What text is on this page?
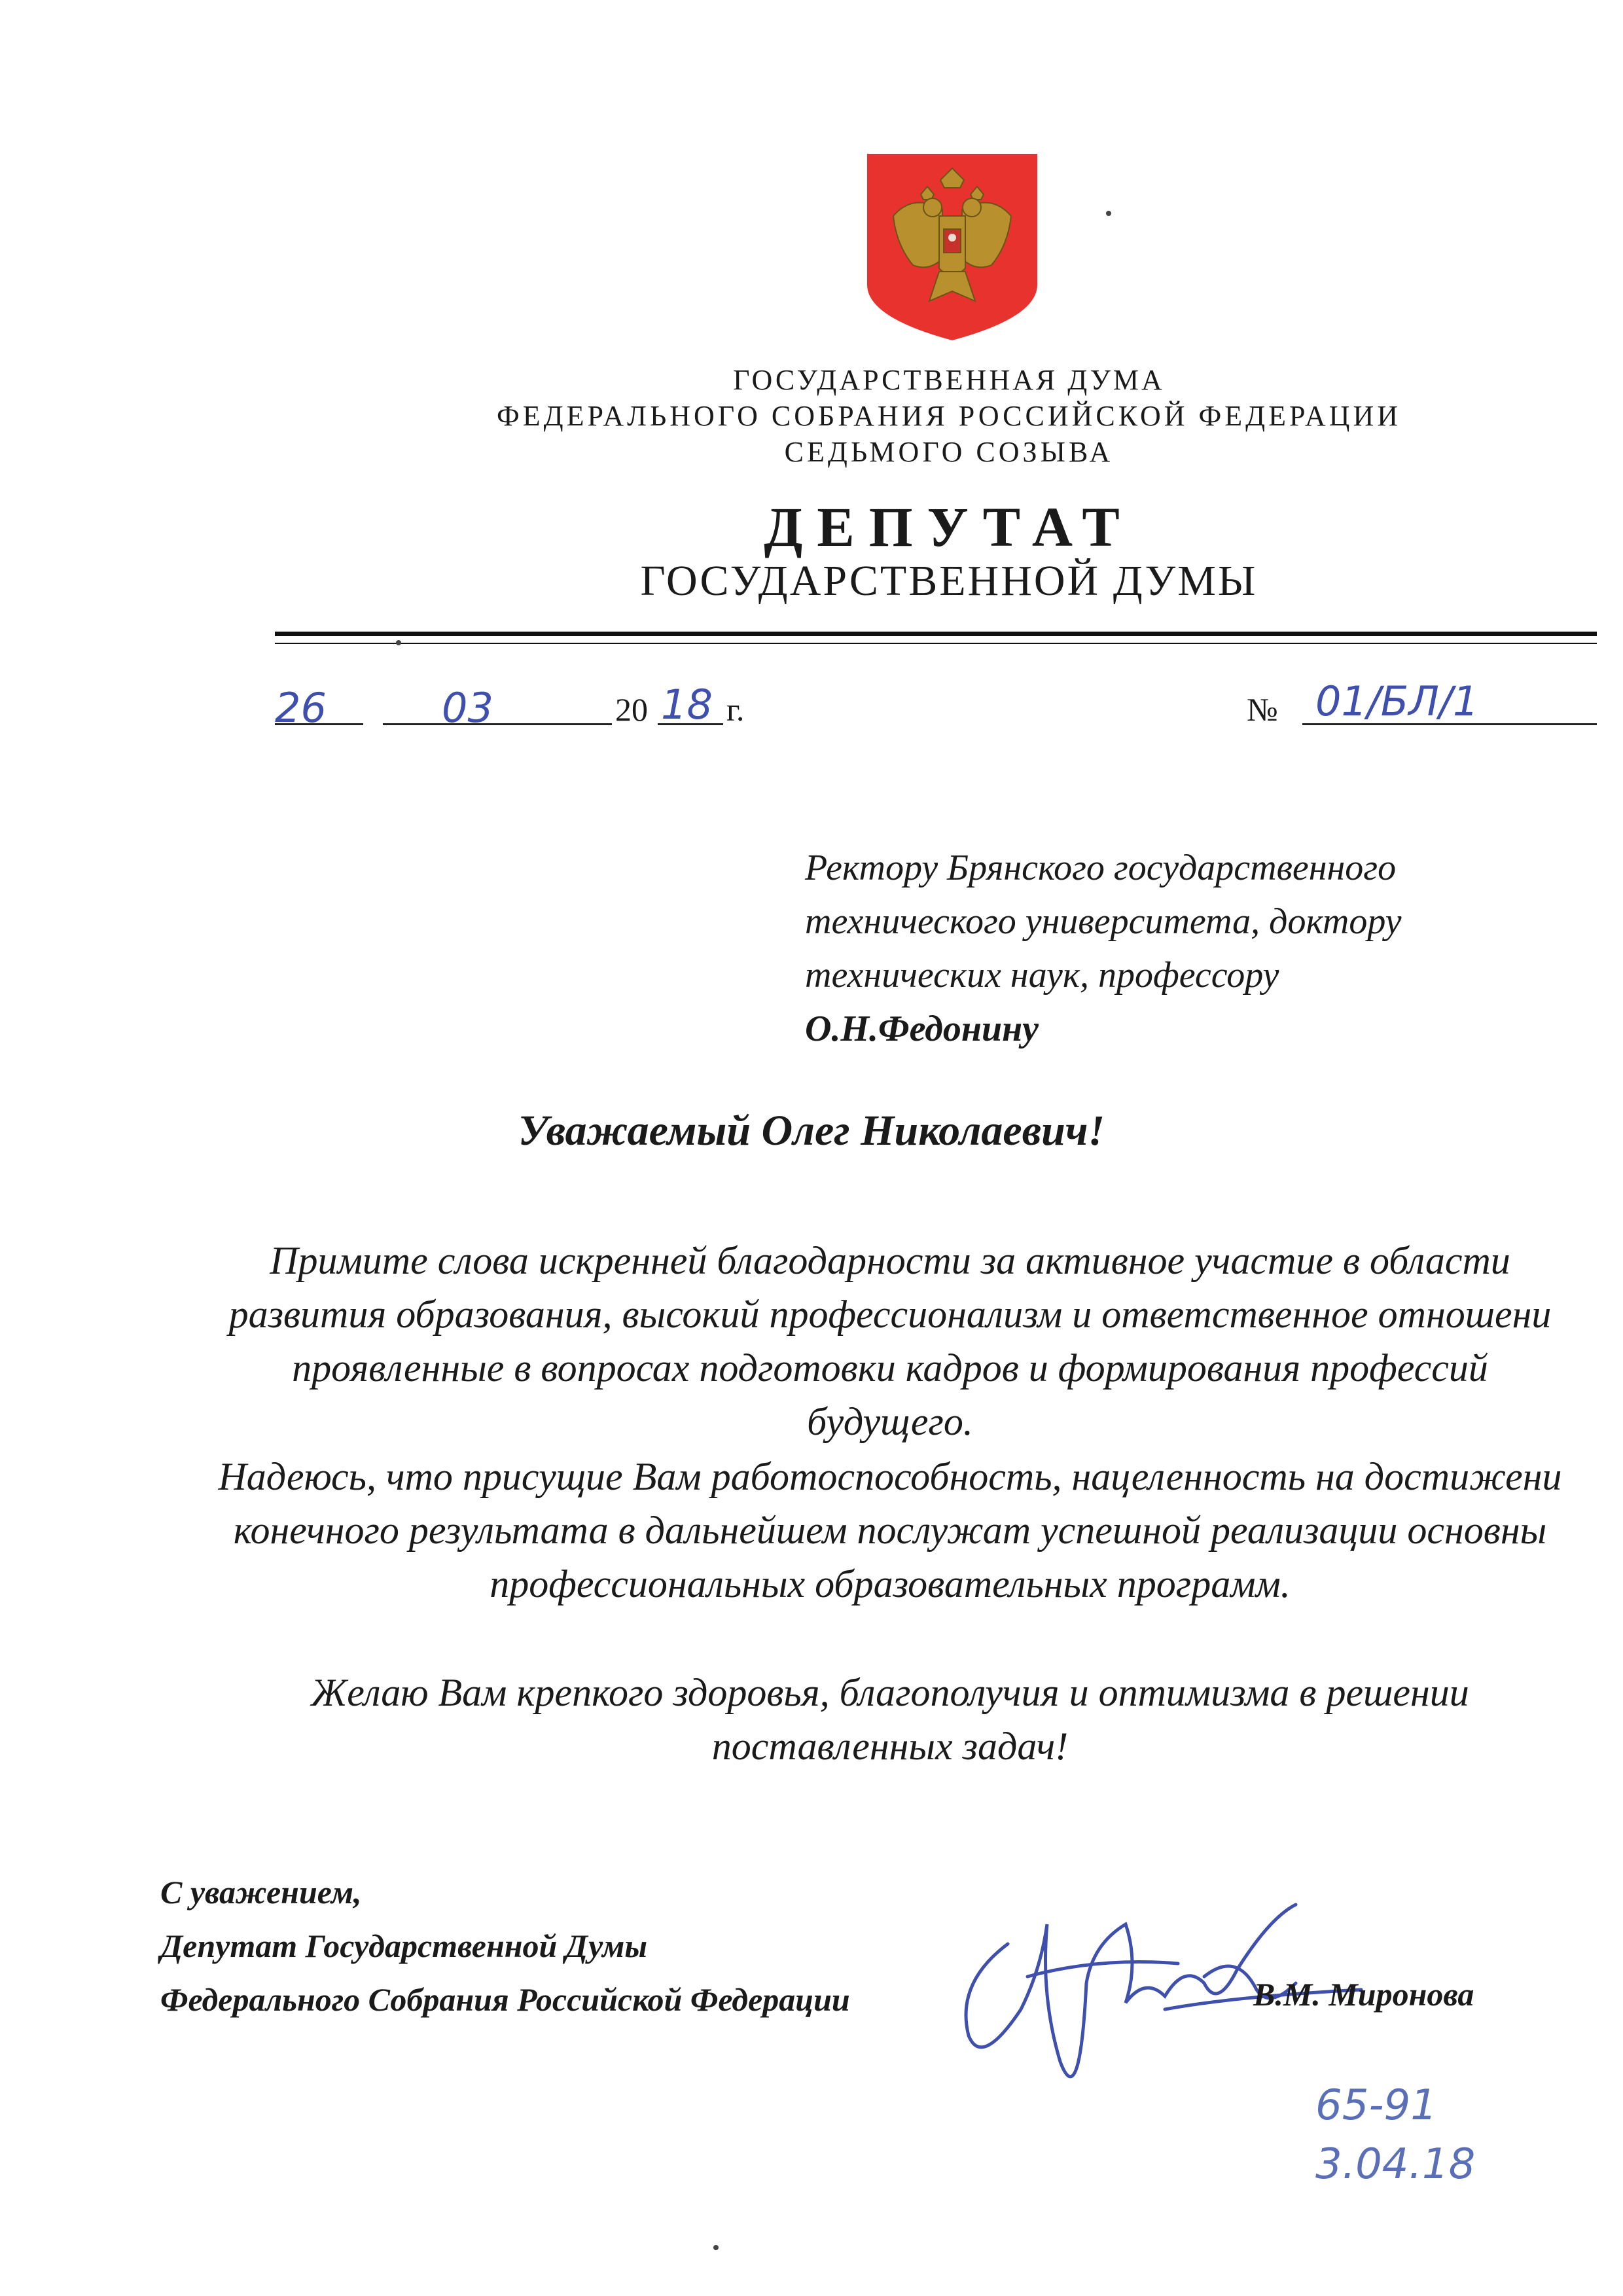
ГОСУДАРСТВЕННАЯ ДУМА
ФЕДЕРАЛЬНОГО СОБРАНИЯ РОССИЙСКОЙ ФЕДЕРАЦИИ
СЕДЬМОГО СОЗЫВА
ДЕПУТАТ
ГОСУДАРСТВЕННОЙ ДУМЫ
26	03	20 18 г.	№ 01/БЛ/1
Ректору Брянского государственного
технического университета, доктору
технических наук, профессору
О.Н.Федонину
Уважаемый Олег Николаевич!
Примите слова искренней благодарности за активное участие в области
развития образования, высокий профессионализм и ответственное отношени
проявленные в вопросах подготовки кадров и формирования профессий
будущего.
Надеюсь, что присущие Вам работоспособность, нацеленность на достижени
конечного результата в дальнейшем послужат успешной реализации основны
профессиональных образовательных программ.
Желаю Вам крепкого здоровья, благополучия и оптимизма в решении
поставленных задач!
С уважением,
Депутат Государственной Думы
Федерального Собрания Российской Федерации	В.М. Миронова
65-91
3.04.18
